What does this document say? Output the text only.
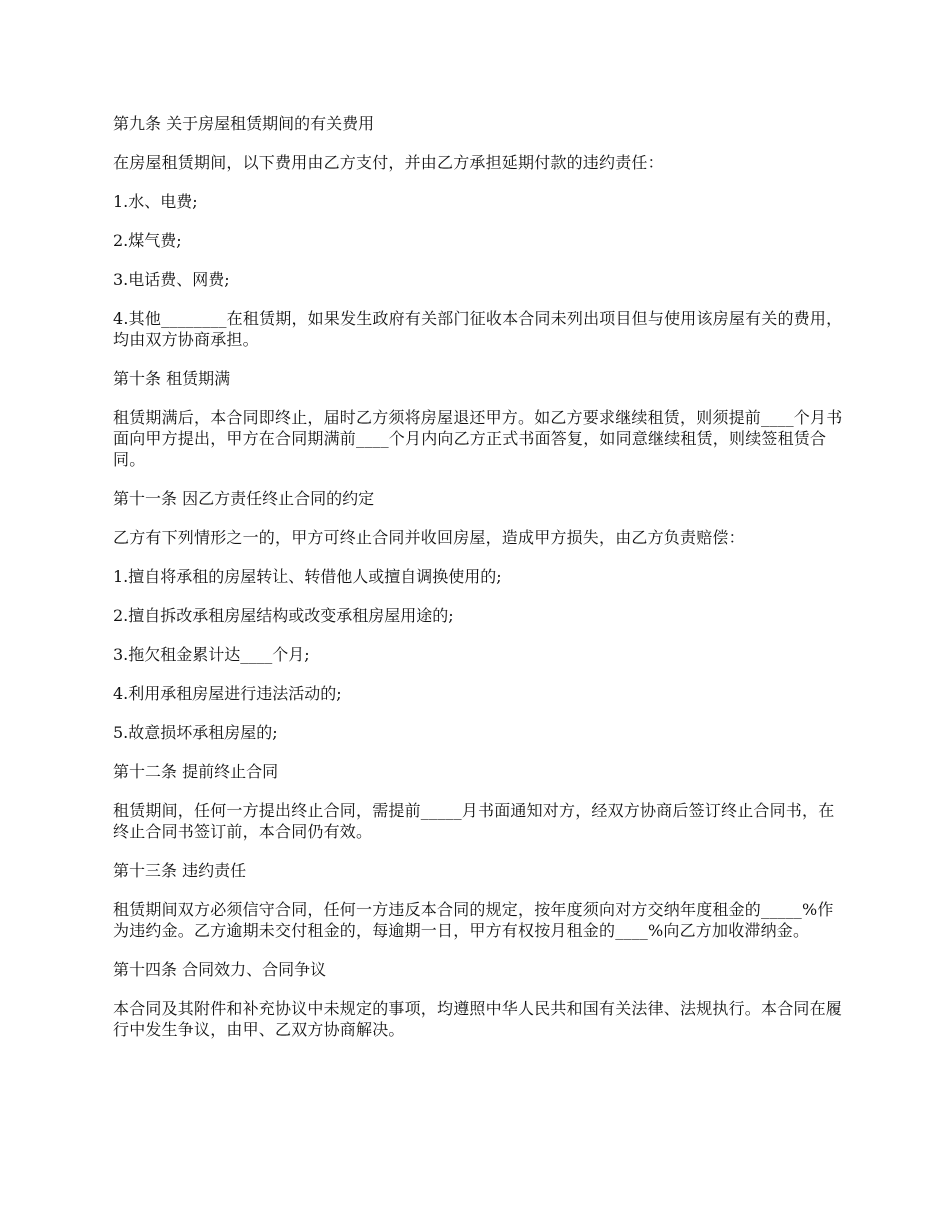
第九条 关于房屋租赁期间的有关费用

在房屋租赁期间，以下费用由乙方支付，并由乙方承担延期付款的违约责任：

1.水、电费;

2.煤气费;

3.电话费、网费;

4.其他________在租赁期，如果发生政府有关部门征收本合同未列出项目但与使用该房屋有关的费用，均由双方协商承担。

第十条 租赁期满

租赁期满后，本合同即终止，届时乙方须将房屋退还甲方。如乙方要求继续租赁，则须提前____个月书面向甲方提出，甲方在合同期满前____个月内向乙方正式书面答复，如同意继续租赁，则续签租赁合同。

第十一条 因乙方责任终止合同的约定

乙方有下列情形之一的，甲方可终止合同并收回房屋，造成甲方损失，由乙方负责赔偿：

1.擅自将承租的房屋转让、转借他人或擅自调换使用的;

2.擅自拆改承租房屋结构或改变承租房屋用途的;

3.拖欠租金累计达____个月;

4.利用承租房屋进行违法活动的;

5.故意损坏承租房屋的;

第十二条 提前终止合同

租赁期间，任何一方提出终止合同，需提前_____月书面通知对方，经双方协商后签订终止合同书，在终止合同书签订前，本合同仍有效。

第十三条 违约责任

租赁期间双方必须信守合同，任何一方违反本合同的规定，按年度须向对方交纳年度租金的_____%作为违约金。乙方逾期未交付租金的，每逾期一日，甲方有权按月租金的____%向乙方加收滞纳金。

第十四条 合同效力、合同争议

本合同及其附件和补充协议中未规定的事项，均遵照中华人民共和国有关法律、法规执行。本合同在履行中发生争议，由甲、乙双方协商解决。
